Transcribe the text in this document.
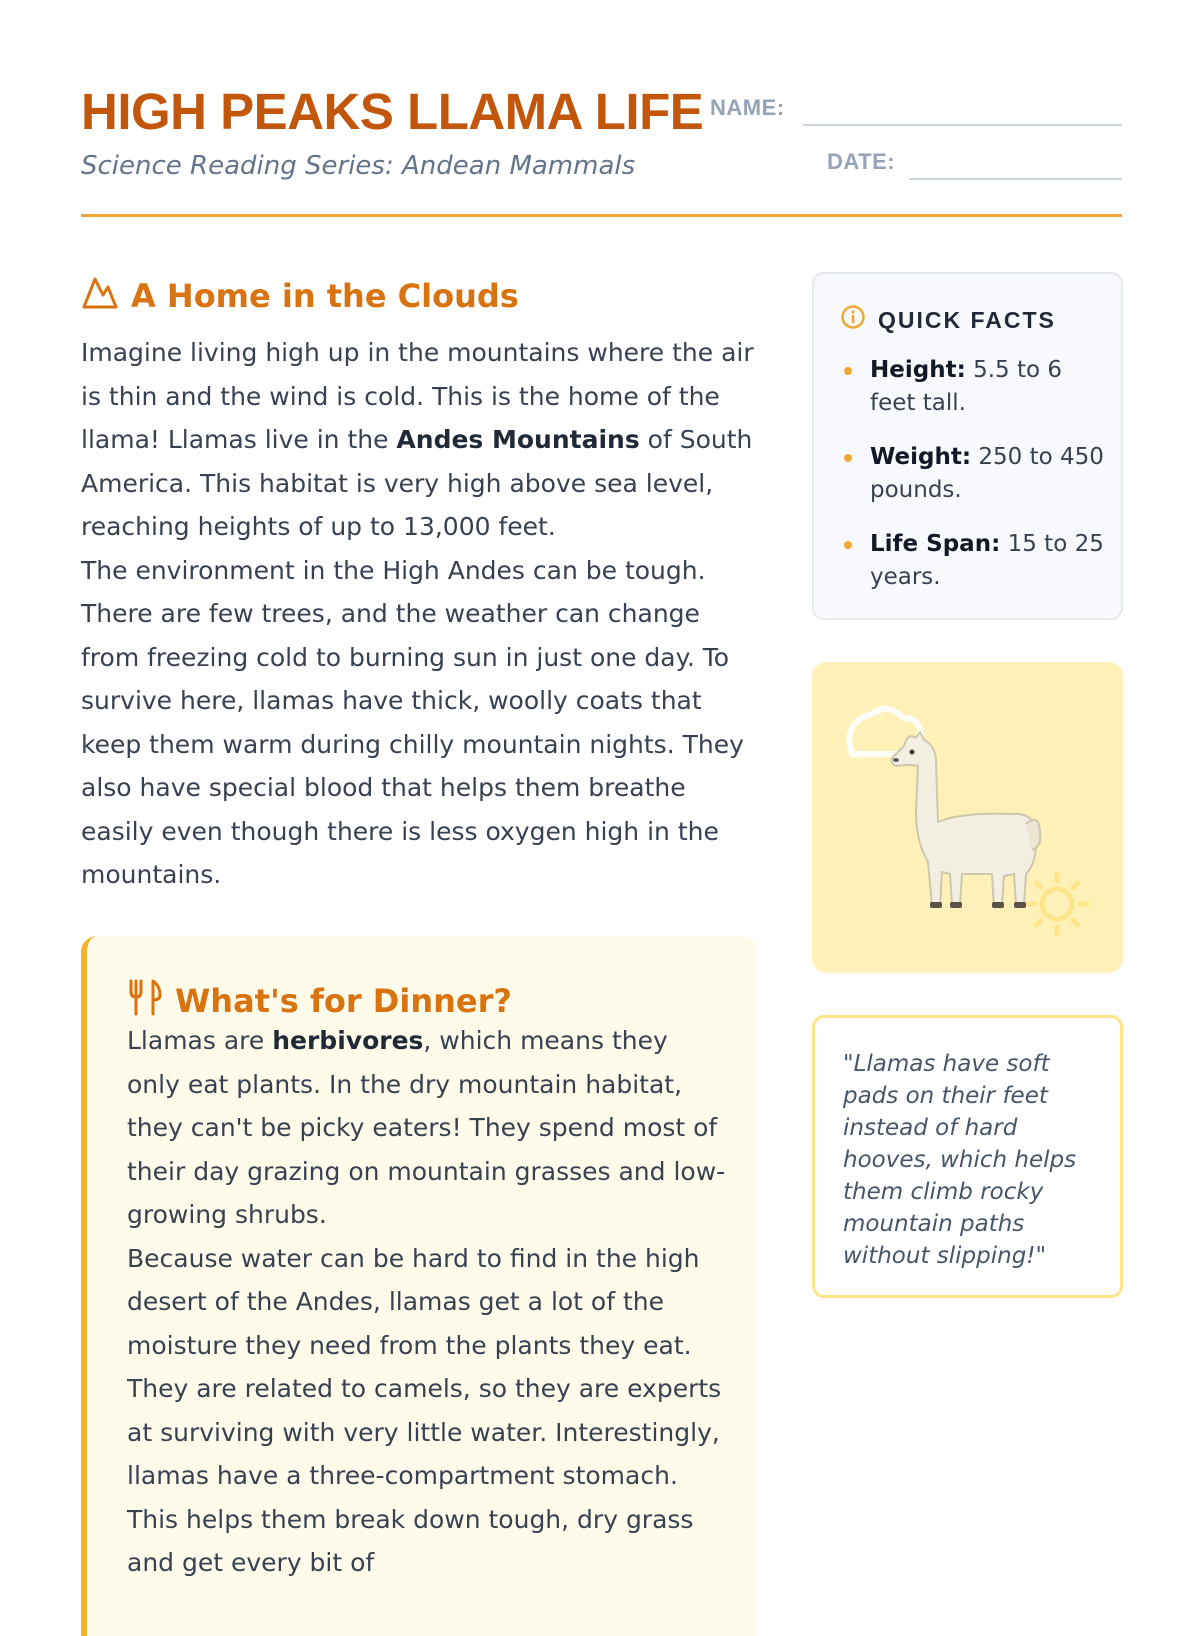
HIGH PEAKS LLAMA LIFE
Science Reading Series: Andean Mammals
NAME:
DATE:
A Home in the Clouds

Imagine living high up in the mountains where the air is thin and the wind is cold. This is the home of the llama! Llamas live in the Andes Mountains of South America. This habitat is very high above sea level, reaching heights of up to 13,000 feet.

The environment in the High Andes can be tough. There are few trees, and the weather can change from freezing cold to burning sun in just one day. To survive here, llamas have thick, woolly coats that keep them warm during chilly mountain nights. They also have special blood that helps them breathe easily even though there is less oxygen high in the mountains.

What's for Dinner?

Llamas are herbivores, which means they only eat plants. In the dry mountain habitat, they can't be picky eaters! They spend most of their day grazing on mountain grasses and low-growing shrubs.

Because water can be hard to find in the high desert of the Andes, llamas get a lot of the moisture they need from the plants they eat. They are related to camels, so they are experts at surviving with very little water. Interestingly, llamas have a three-compartment stomach. This helps them break down tough, dry grass and get every bit of

QUICK FACTS
Height: 5.5 to 6 feet tall.
Weight: 250 to 450 pounds.
Life Span: 15 to 25 years.

"Llamas have soft pads on their feet instead of hard hooves, which helps them climb rocky mountain paths without slipping!"
